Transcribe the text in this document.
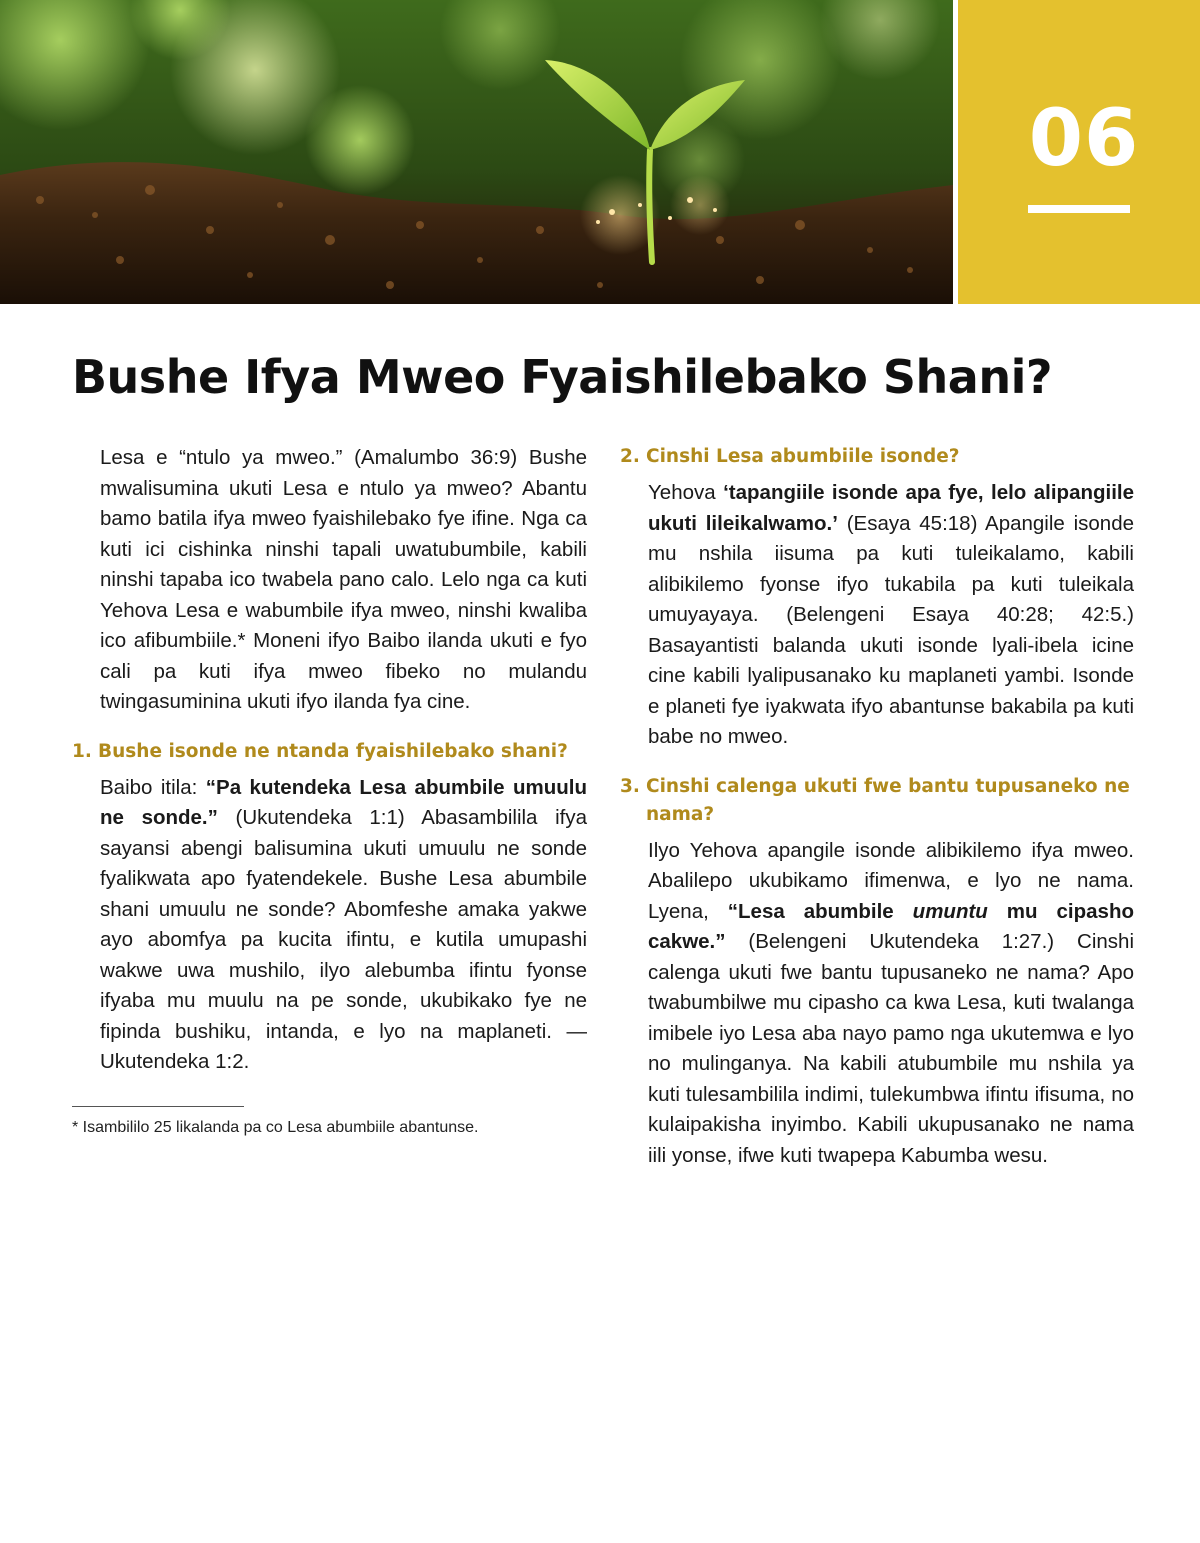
06
Bushe Ifya Mweo Fyaishilebako Shani?

Lesa e “ntulo ya mweo.” (Amalumbo 36:9) Bushe mwalisumina ukuti Lesa e ntulo ya mweo? Abantu bamo batila ifya mweo fyaishilebako fye ifine. Nga ca kuti ici cishinka ninshi tapali uwatubumbile, kabili ninshi tapaba ico twabela pano calo. Lelo nga ca kuti Yehova Lesa e wabumbile ifya mweo, ninshi kwaliba ico afibumbiile.* Moneni ifyo Baibo ilanda ukuti e fyo cali pa kuti ifya mweo fibeko no mulandu twingasuminina ukuti ifyo ilanda fya cine.

1. Bushe isonde ne ntanda fyaishilebako shani?

Baibo itila: “Pa kutendeka Lesa abumbile umuulu ne sonde.” (Ukutendeka 1:1) Abasambilila ifya sayansi abengi balisumina ukuti umuulu ne sonde fyalikwata apo fyatendekele. Bushe Lesa abumbile shani umuulu ne sonde? Abomfeshe amaka yakwe ayo abomfya pa kucita ifintu, e kutila umupashi wakwe uwa mushilo, ilyo alebumba ifintu fyonse ifyaba mu muulu na pe sonde, ukubikako fye ne fipinda bushiku, intanda, e lyo na maplaneti. —Ukutendeka 1:2.

* Isambililo 25 likalanda pa co Lesa abumbiile abantunse.

2. Cinshi Lesa abumbiile isonde?

Yehova ‘tapangiile isonde apa fye, lelo alipangiile ukuti lileikalwamo.’ (Esaya 45:18) Apangile isonde mu nshila iisuma pa kuti tuleikalamo, kabili alibikilemo fyonse ifyo tukabila pa kuti tuleikala umuyayaya. (Belengeni Esaya 40:28; 42:5.) Basayantisti balanda ukuti isonde lyali-ibela icine cine kabili lyalipusanako ku maplaneti yambi. Isonde e planeti fye iyakwata ifyo abantunse bakabila pa kuti babe no mweo.

3. Cinshi calenga ukuti fwe bantu tupusaneko ne nama?

Ilyo Yehova apangile isonde alibikilemo ifya mweo. Abalilepo ukubikamo ifimenwa, e lyo ne nama. Lyena, “Lesa abumbile umuntu mu cipasho cakwe.” (Belengeni Ukutendeka 1:27.) Cinshi calenga ukuti fwe bantu tupusaneko ne nama? Apo twabumbilwe mu cipasho ca kwa Lesa, kuti twalanga imibele iyo Lesa aba nayo pamo nga ukutemwa e lyo no mulinganya. Na kabili atubumbile mu nshila ya kuti tulesambilila indimi, tulekumbwa ifintu ifisuma, no kulaipakisha inyimbo. Kabili ukupusanako ne nama iili yonse, ifwe kuti twapepa Kabumba wesu.
